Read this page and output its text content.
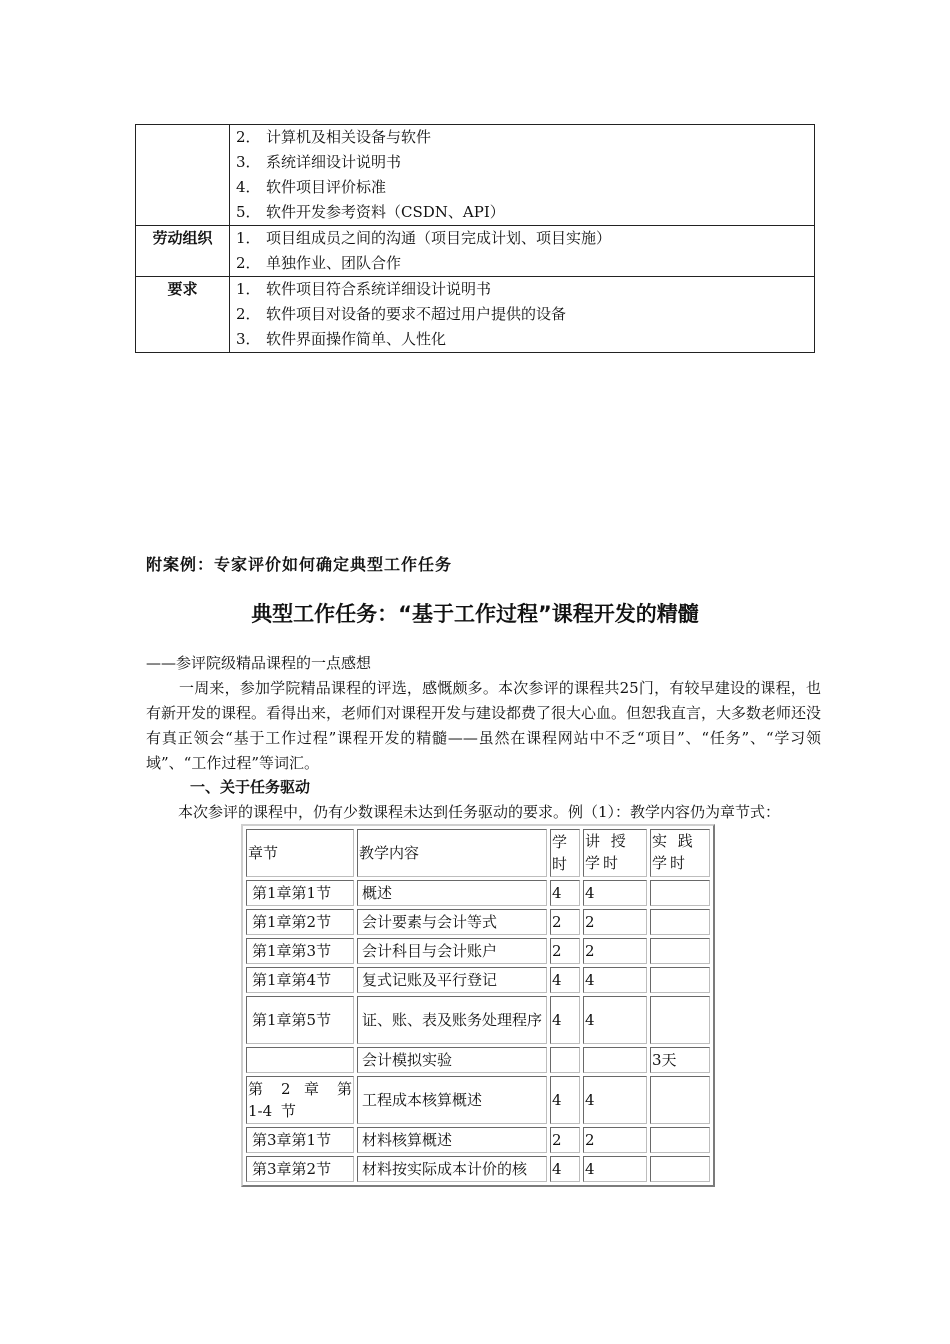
	2． 计算机及相关设备与软件
3． 系统详细设计说明书
4． 软件项目评价标准
5． 软件开发参考资料（CSDN、API）

劳动组织	1． 项目组成员之间的沟通（项目完成计划、项目实施）
2． 单独作业、团队合作

要求	1． 软件项目符合系统详细设计说明书
2． 软件项目对设备的要求不超过用户提供的设备
3． 软件界面操作简单、人性化
附案例：专家评价如何确定典型工作任务
典型工作任务：“基于工作过程”课程开发的精髓
——参评院级精品课程的一点感想

一周来，参加学院精品课程的评选，感慨颇多。本次参评的课程共25门，有较早建设的课程，也有新开发的课程。看得出来，老师们对课程开发与建设都费了很大心血。但恕我直言，大多数老师还没有真正领会“基于工作过程”课程开发的精髓——虽然在课程网站中不乏“项目”、“任务”、“学习领域”、“工作过程”等词汇。

一、关于任务驱动
本次参评的课程中，仍有少数课程未达到任务驱动的要求。例（1）：教学内容仍为章节式：
章节	教学内容	学时	讲 授 学时	实 践 学时
第1章第1节	概述	4	4	
第1章第2节	会计要素与会计等式	2	2	
第1章第3节	会计科目与会计账户	2	2	
第1章第4节	复式记账及平行登记	4	4	
第1章第5节	证、账、表及账务处理程序	4	4	
	会计模拟实验			3天
第 2 章 第 1-4 节	工程成本核算概述	4	4	
第3章第1节	材料核算概述	2	2	
第3章第2节	材料按实际成本计价的核	4	4	
